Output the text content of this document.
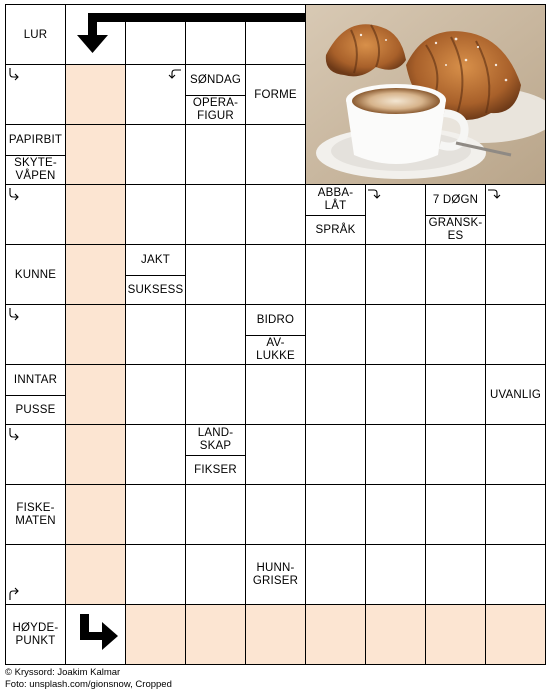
LUR
SØNDAG
OPERA-
FIGUR
FORME
PAPIRBIT
SKYTE-
VÅPEN
ABBA-
LÅT
SPRÅK
7 DØGN
GRANSK-
ES
KUNNE
JAKT
SUKSESS
BIDRO
AV-
LUKKE
INNTAR
PUSSE
UVANLIG
LAND-
SKAP
FIKSER
FISKE-
MATEN
HUNN-
GRISER
HØYDE-
PUNKT
© Kryssord: Joakim Kalmar
Foto: unsplash.com/gionsnow, Cropped
